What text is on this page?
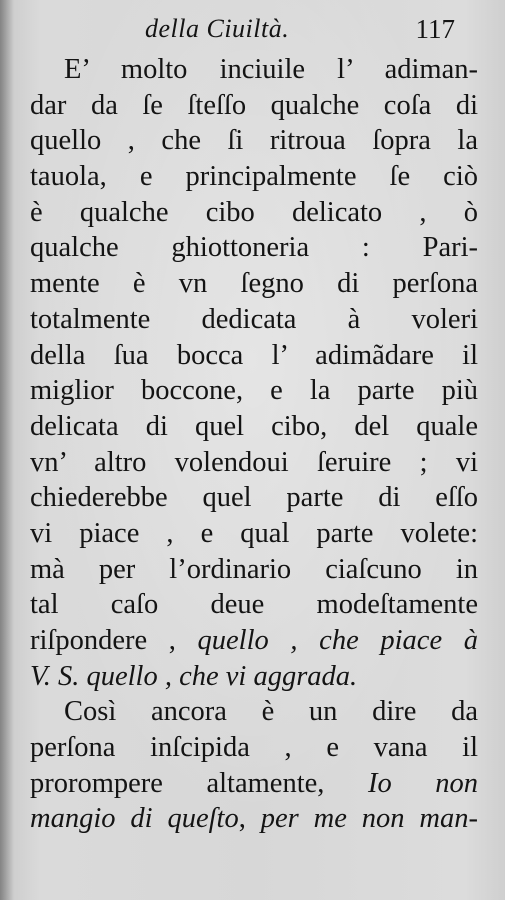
della Ciuiltà.	117
E’ molto inciuile l’ adiman-
dar da ſe ſteſſo qualche coſa di
quello , che ſi ritroua ſopra la
tauola, e principalmente ſe ciò
è qualche cibo delicato , ò
qualche ghiottoneria : Pari-
mente è vn ſegno di perſona
totalmente dedicata à voleri
della ſua bocca l’ adimãdare il
miglior boccone, e la parte più
delicata di quel cibo, del quale
vn’ altro volendoui ſeruire ; vi
chiederebbe quel parte di eſſo
vi piace , e qual parte volete:
mà per l’ordinario ciaſcuno in
tal caſo deue modeſtamente
riſpondere , quello , che piace à
V. S. quello , che vi aggrada.
Così ancora è un dire da
perſona inſcipida , e vana il
prorompere altamente, Io non
mangio di queſto, per me non man-
